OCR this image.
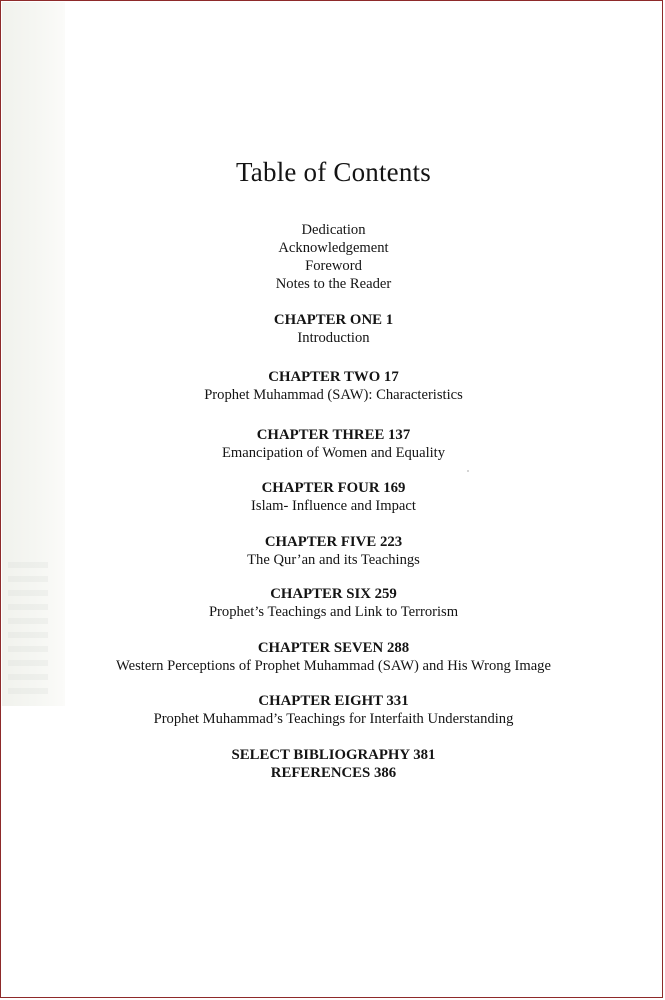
Table of Contents

Dedication

Acknowledgement

Foreword

Notes to the Reader

CHAPTER ONE 1

Introduction

CHAPTER TWO 17

Prophet Muhammad (SAW): Characteristics

CHAPTER THREE 137

Emancipation of Women and Equality

CHAPTER FOUR 169

Islam- Influence and Impact

CHAPTER FIVE 223

The Qur’an and its Teachings

CHAPTER SIX 259

Prophet’s Teachings and Link to Terrorism

CHAPTER SEVEN 288

Western Perceptions of Prophet Muhammad (SAW) and His Wrong Image

CHAPTER EIGHT 331

Prophet Muhammad’s Teachings for Interfaith Understanding

SELECT BIBLIOGRAPHY 381

REFERENCES 386
